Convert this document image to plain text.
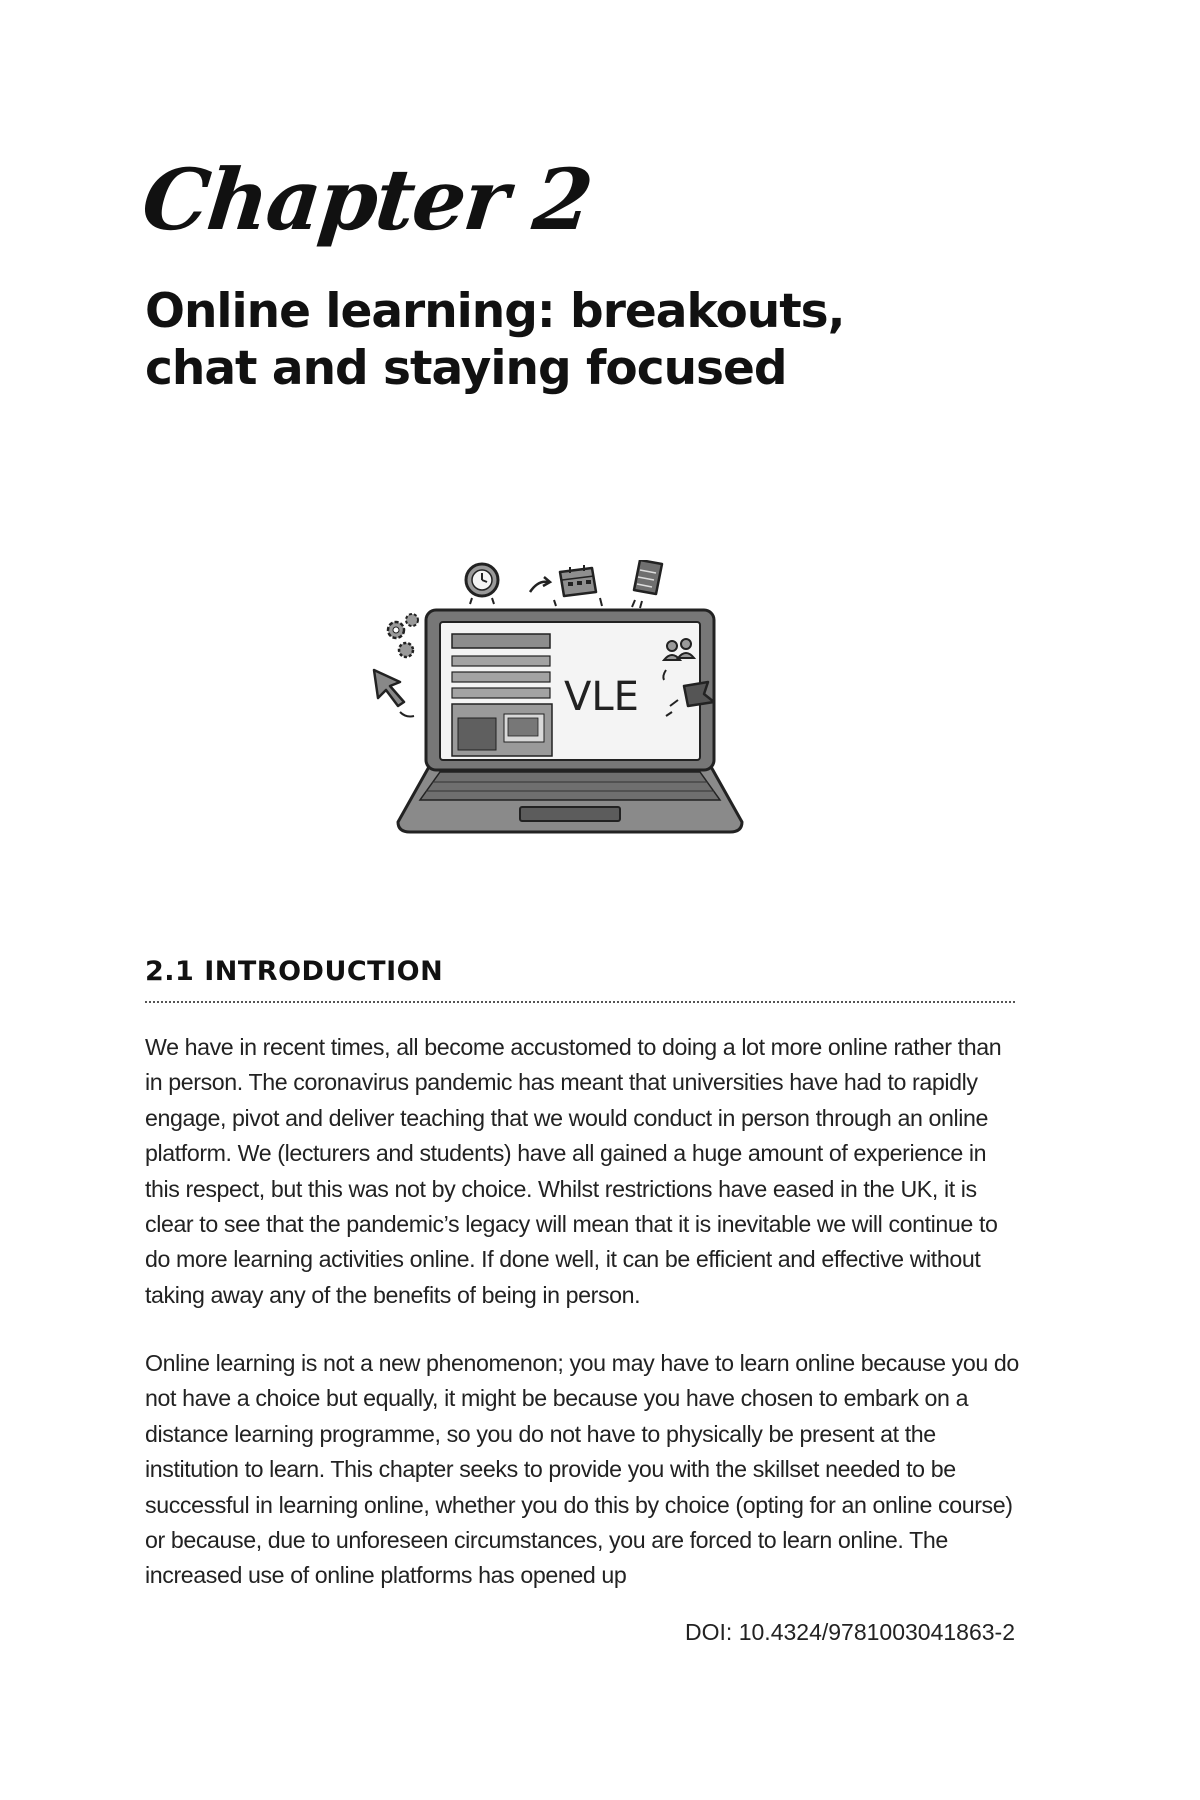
Chapter 2
Online learning: breakouts,
chat and staying focused
VLE
2.1 INTRODUCTION

We have in recent times, all become accustomed to doing a lot more online rather than in person. The coronavirus pandemic has meant that universities have had to rapidly engage, pivot and deliver teaching that we would conduct in person through an online platform. We (lecturers and students) have all gained a huge amount of experience in this respect, but this was not by choice. Whilst restrictions have eased in the UK, it is clear to see that the pandemic’s legacy will mean that it is inevitable we will continue to do more learning activities online. If done well, it can be efficient and effective without taking away any of the benefits of being in person.

Online learning is not a new phenomenon; you may have to learn online because you do not have a choice but equally, it might be because you have chosen to embark on a distance learning programme, so you do not have to physically be present at the institution to learn. This chapter seeks to provide you with the skillset needed to be successful in learning online, whether you do this by choice (opting for an online course) or because, due to unforeseen circumstances, you are forced to learn online. The increased use of online platforms has opened up

DOI: 10.4324/9781003041863-2
